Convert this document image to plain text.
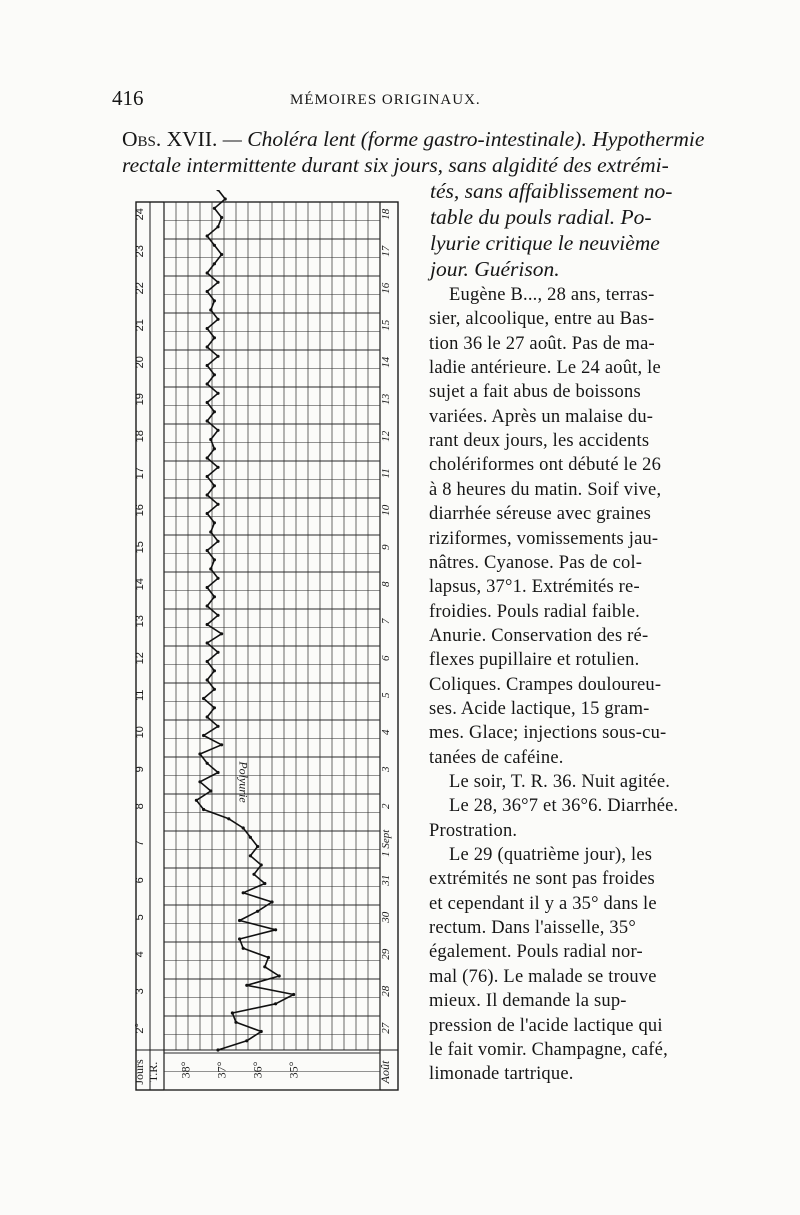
416	MÉMOIRES ORIGINAUX.
Obs. XVII. — Choléra lent (forme gastro-intestinale). Hypothermie
rectale intermittente durant six jours, sans algidité des extrémi-
tés, sans affaiblissement no-
table du pouls radial. Po-
lyurie critique le neuvième
jour. Guérison.
Eugène B..., 28 ans, terras-
sier, alcoolique, entre au Bas-
tion 36 le 27 août. Pas de ma-
ladie antérieure. Le 24 août, le
sujet a fait abus de boissons
variées. Après un malaise du-
rant deux jours, les accidents
cholériformes ont débuté le 26
à 8 heures du matin. Soif vive,
diarrhée séreuse avec graines
riziformes, vomissements jau-
nâtres. Cyanose. Pas de col-
lapsus, 37°1. Extrémités re-
froidies. Pouls radial faible.
Anurie. Conservation des ré-
flexes pupillaire et rotulien.
Coliques. Crampes douloureu-
ses. Acide lactique, 15 gram-
mes. Glace; injections sous-cu-
tanées de caféine.
Le soir, T. R. 36. Nuit agitée.
Le 28, 36°7 et 36°6. Diarrhée.
Prostration.
Le 29 (quatrième jour), les
extrémités ne sont pas froides
et cependant il y a 35° dans le
rectum. Dans l'aisselle, 35°
également. Pouls radial nor-
mal (76). Le malade se trouve
mieux. Il demande la sup-
pression de l'acide lactique qui
le fait vomir. Champagne, café,
limonade tartrique.
2°	27
3	28
4	29
5	30
6	31
7	1 Sept
8	2
9	3
10	4
11	5
12	6
13	7
14	8
15	9
16	10
17	11
18	12
19	13
20	14
21	15
22	16
23	17
24	18
Jours T.R.	Août
38° 37° 36° 35°
Polyurie
